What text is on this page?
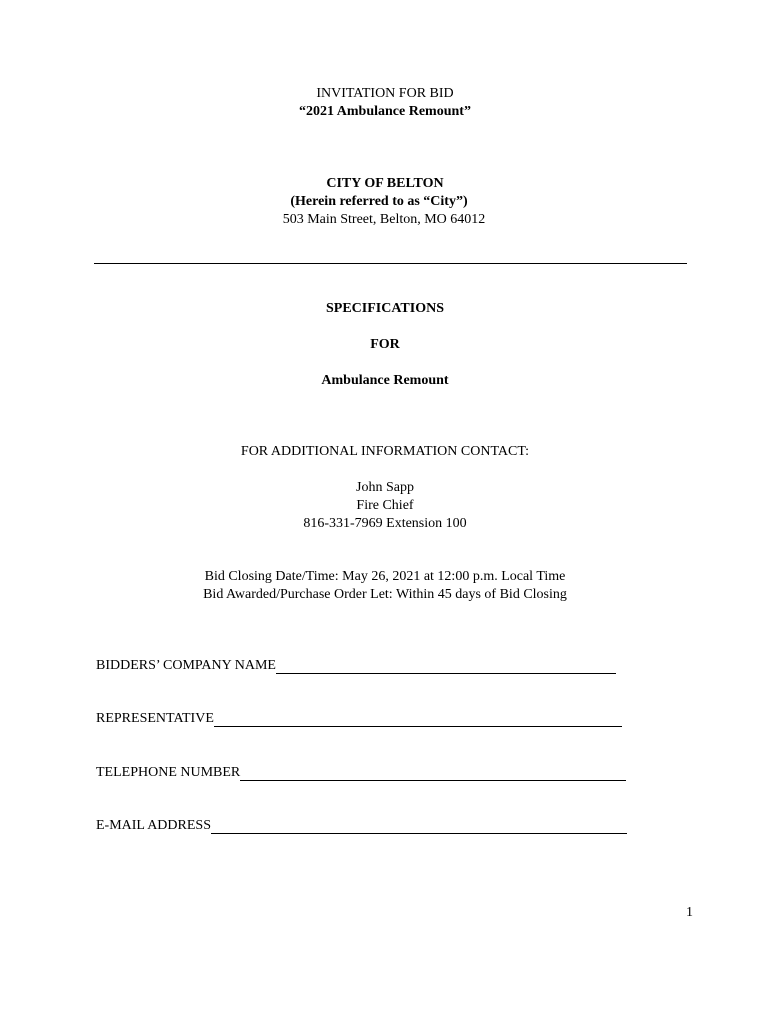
INVITATION FOR BID
“2021 Ambulance Remount”
CITY OF BELTON
(Herein referred to as “City”)
503 Main Street, Belton, MO 64012
SPECIFICATIONS
FOR
Ambulance Remount
FOR ADDITIONAL INFORMATION CONTACT:
John Sapp
Fire Chief
816-331-7969 Extension 100
Bid Closing Date/Time: May 26, 2021 at 12:00 p.m. Local Time
Bid Awarded/Purchase Order Let: Within 45 days of Bid Closing
BIDDERS’ COMPANY NAME
REPRESENTATIVE
TELEPHONE NUMBER
E-MAIL ADDRESS
1
